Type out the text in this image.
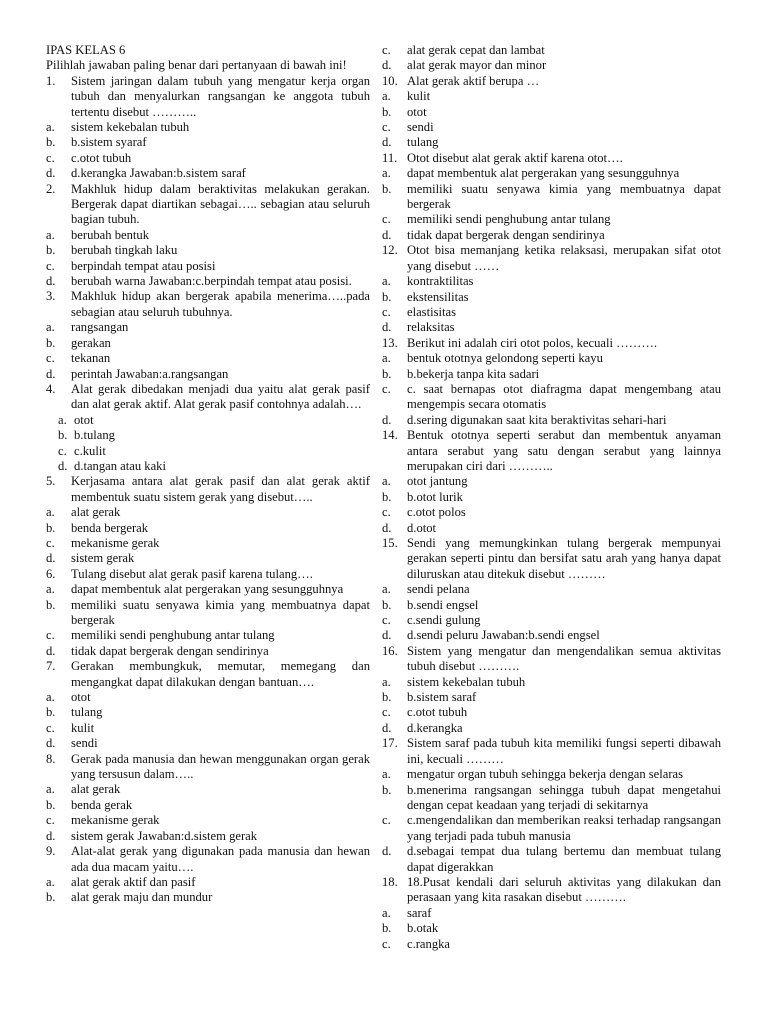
IPAS KELAS 6
Pilihlah jawaban paling benar dari pertanyaan di bawah ini!
1. Sistem jaringan dalam tubuh yang mengatur kerja organ tubuh dan menyalurkan rangsangan ke anggota tubuh tertentu disebut ………..
a. sistem kekebalan tubuh
b. b.sistem syaraf
c. c.otot tubuh
d. d.kerangka Jawaban:b.sistem saraf
2. Makhluk hidup dalam beraktivitas melakukan gerakan. Bergerak dapat diartikan sebagai….. sebagian atau seluruh bagian tubuh.
a. berubah bentuk
b. berubah tingkah laku
c. berpindah tempat atau posisi
d. berubah warna Jawaban:c.berpindah tempat atau posisi.
3. Makhluk hidup akan bergerak apabila menerima…..pada sebagian atau seluruh tubuhnya.
a. rangsangan
b. gerakan
c. tekanan
d. perintah Jawaban:a.rangsangan
4. Alat gerak dibedakan menjadi dua yaitu alat gerak pasif dan alat gerak aktif. Alat gerak pasif contohnya adalah….
a. otot
b. b.tulang
c. c.kulit
d. d.tangan atau kaki
5. Kerjasama antara alat gerak pasif dan alat gerak aktif membentuk suatu sistem gerak yang disebut…..
a. alat gerak
b. benda bergerak
c. mekanisme gerak
d. sistem gerak
6. Tulang disebut alat gerak pasif karena tulang….
a. dapat membentuk alat pergerakan yang sesungguhnya
b. memiliki suatu senyawa kimia yang membuatnya dapat bergerak
c. memiliki sendi penghubung antar tulang
d. tidak dapat bergerak dengan sendirinya
7. Gerakan membungkuk, memutar, memegang dan mengangkat dapat dilakukan dengan bantuan….
a. otot
b. tulang
c. kulit
d. sendi
8. Gerak pada manusia dan hewan menggunakan organ gerak yang tersusun dalam…..
a. alat gerak
b. benda gerak
c. mekanisme gerak
d. sistem gerak Jawaban:d.sistem gerak
9. Alat-alat gerak yang digunakan pada manusia dan hewan ada dua macam yaitu….
a. alat gerak aktif dan pasif
b. alat gerak maju dan mundur
c. alat gerak cepat dan lambat
d. alat gerak mayor dan minor
10. Alat gerak aktif berupa …
a. kulit
b. otot
c. sendi
d. tulang
11. Otot disebut alat gerak aktif karena otot….
a. dapat membentuk alat pergerakan yang sesungguhnya
b. memiliki suatu senyawa kimia yang membuatnya dapat bergerak
c. memiliki sendi penghubung antar tulang
d. tidak dapat bergerak dengan sendirinya
12. Otot bisa memanjang ketika relaksasi, merupakan sifat otot yang disebut ……
a. kontraktilitas
b. ekstensilitas
c. elastisitas
d. relaksitas
13. Berikut ini adalah ciri otot polos, kecuali ……….
a. bentuk ototnya gelondong seperti kayu
b. b.bekerja tanpa kita sadari
c. c. saat bernapas otot diafragma dapat mengembang atau mengempis secara otomatis
d. d.sering digunakan saat kita beraktivitas sehari-hari
14. Bentuk ototnya seperti serabut dan membentuk anyaman antara serabut yang satu dengan serabut yang lainnya merupakan ciri dari ………..
a. otot jantung
b. b.otot lurik
c. c.otot polos
d. d.otot
15. Sendi yang memungkinkan tulang bergerak mempunyai gerakan seperti pintu dan bersifat satu arah yang hanya dapat diluruskan atau ditekuk disebut ………
a. sendi pelana
b. b.sendi engsel
c. c.sendi gulung
d. d.sendi peluru Jawaban:b.sendi engsel
16. Sistem yang mengatur dan mengendalikan semua aktivitas tubuh disebut ……….
a. sistem kekebalan tubuh
b. b.sistem saraf
c. c.otot tubuh
d. d.kerangka
17. Sistem saraf pada tubuh kita memiliki fungsi seperti dibawah ini, kecuali ………
a. mengatur organ tubuh sehingga bekerja dengan selaras
b. b.menerima rangsangan sehingga tubuh dapat mengetahui dengan cepat keadaan yang terjadi di sekitarnya
c. c.mengendalikan dan memberikan reaksi terhadap rangsangan yang terjadi pada tubuh manusia
d. d.sebagai tempat dua tulang bertemu dan membuat tulang dapat digerakkan
18. 18.Pusat kendali dari seluruh aktivitas yang dilakukan dan perasaan yang kita rasakan disebut ……….
a. saraf
b. b.otak
c. c.rangka
